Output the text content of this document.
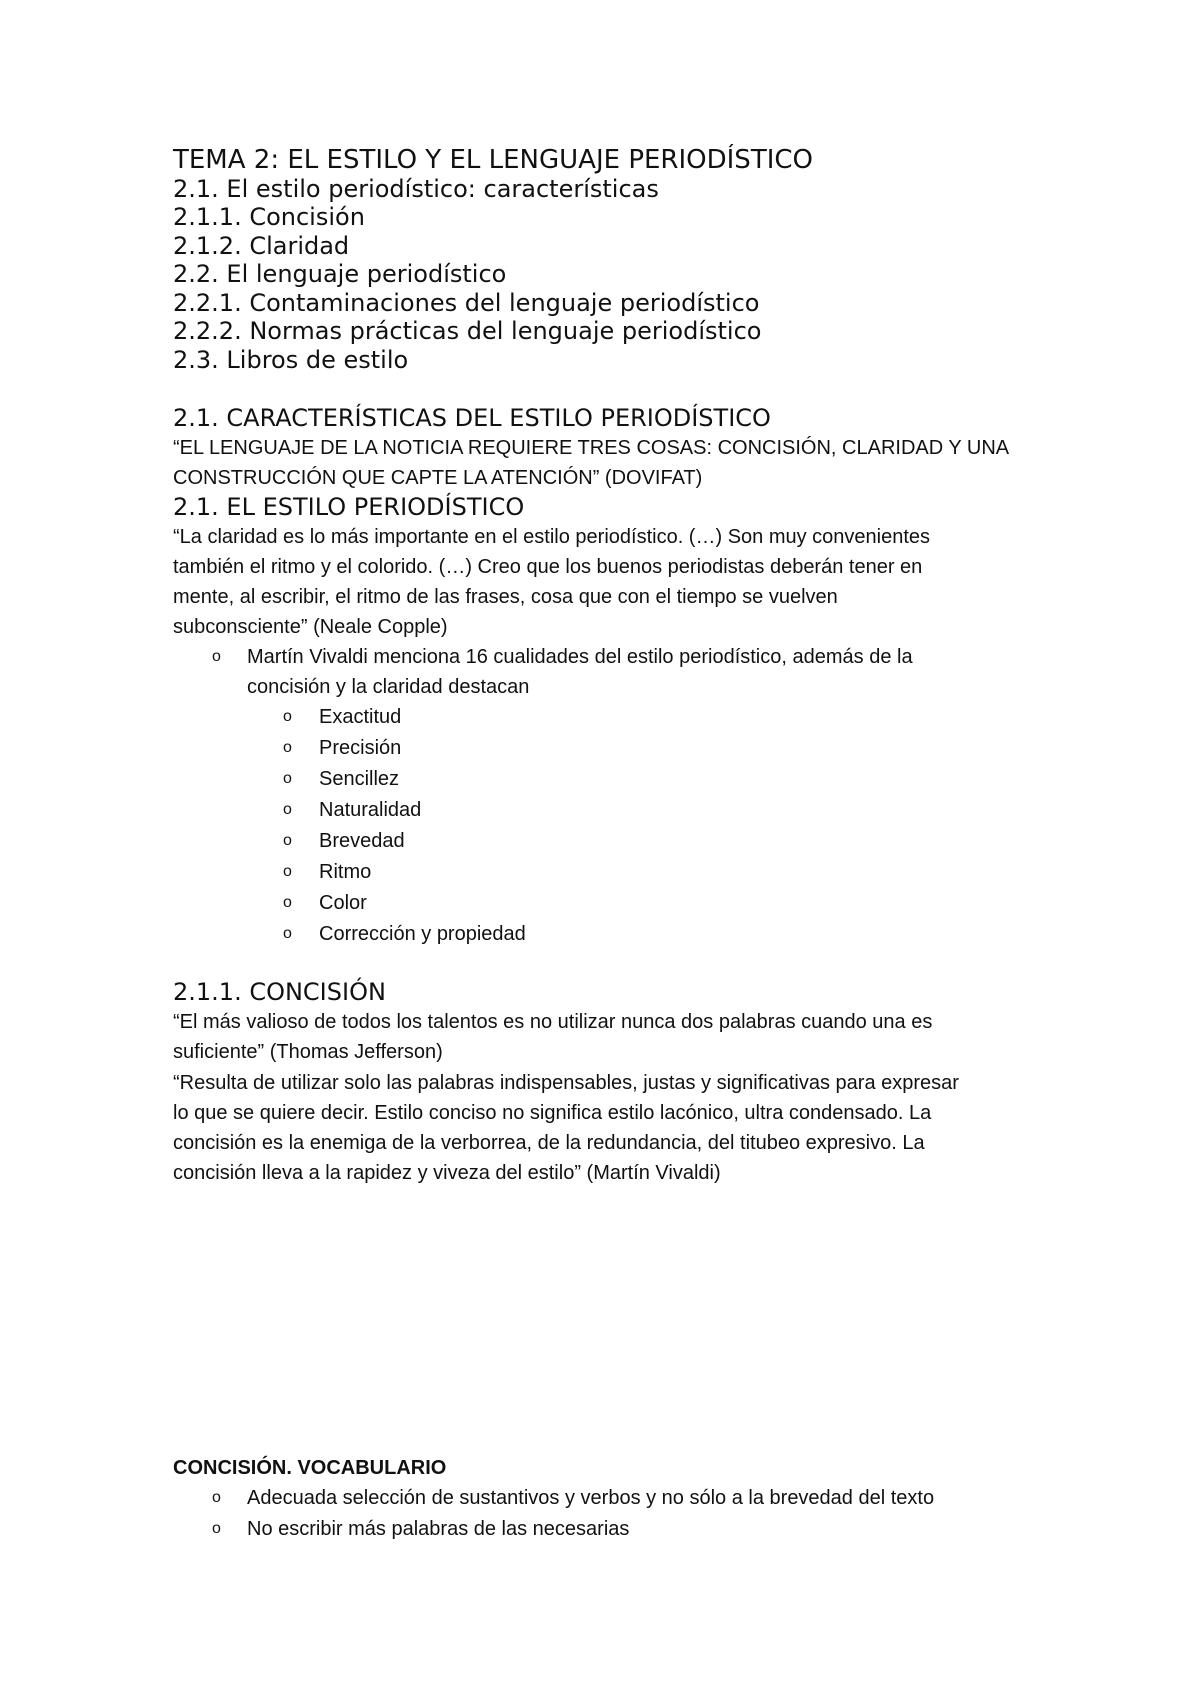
TEMA 2: EL ESTILO Y EL LENGUAJE PERIODÍSTICO
2.1. El estilo periodístico: características
2.1.1. Concisión
2.1.2. Claridad
2.2. El lenguaje periodístico
2.2.1. Contaminaciones del lenguaje periodístico
2.2.2. Normas prácticas del lenguaje periodístico
2.3. Libros de estilo
2.1. CARACTERÍSTICAS DEL ESTILO PERIODÍSTICO
“EL LENGUAJE DE LA NOTICIA REQUIERE TRES COSAS: CONCISIÓN, CLARIDAD Y UNA
CONSTRUCCIÓN QUE CAPTE LA ATENCIÓN” (DOVIFAT)
2.1. EL ESTILO PERIODÍSTICO
“La claridad es lo más importante en el estilo periodístico. (…) Son muy convenientes
también el ritmo y el colorido. (…) Creo que los buenos periodistas deberán tener en
mente, al escribir, el ritmo de las frases, cosa que con el tiempo se vuelven
subconsciente” (Neale Copple)
o Martín Vivaldi menciona 16 cualidades del estilo periodístico, además de la
concisión y la claridad destacan
o Exactitud
o Precisión
o Sencillez
o Naturalidad
o Brevedad
o Ritmo
o Color
o Corrección y propiedad
2.1.1. CONCISIÓN
“El más valioso de todos los talentos es no utilizar nunca dos palabras cuando una es
suficiente” (Thomas Jefferson)
“Resulta de utilizar solo las palabras indispensables, justas y significativas para expresar
lo que se quiere decir. Estilo conciso no significa estilo lacónico, ultra condensado. La
concisión es la enemiga de la verborrea, de la redundancia, del titubeo expresivo. La
concisión lleva a la rapidez y viveza del estilo” (Martín Vivaldi)
CONCISIÓN. VOCABULARIO
o Adecuada selección de sustantivos y verbos y no sólo a la brevedad del texto
o No escribir más palabras de las necesarias
